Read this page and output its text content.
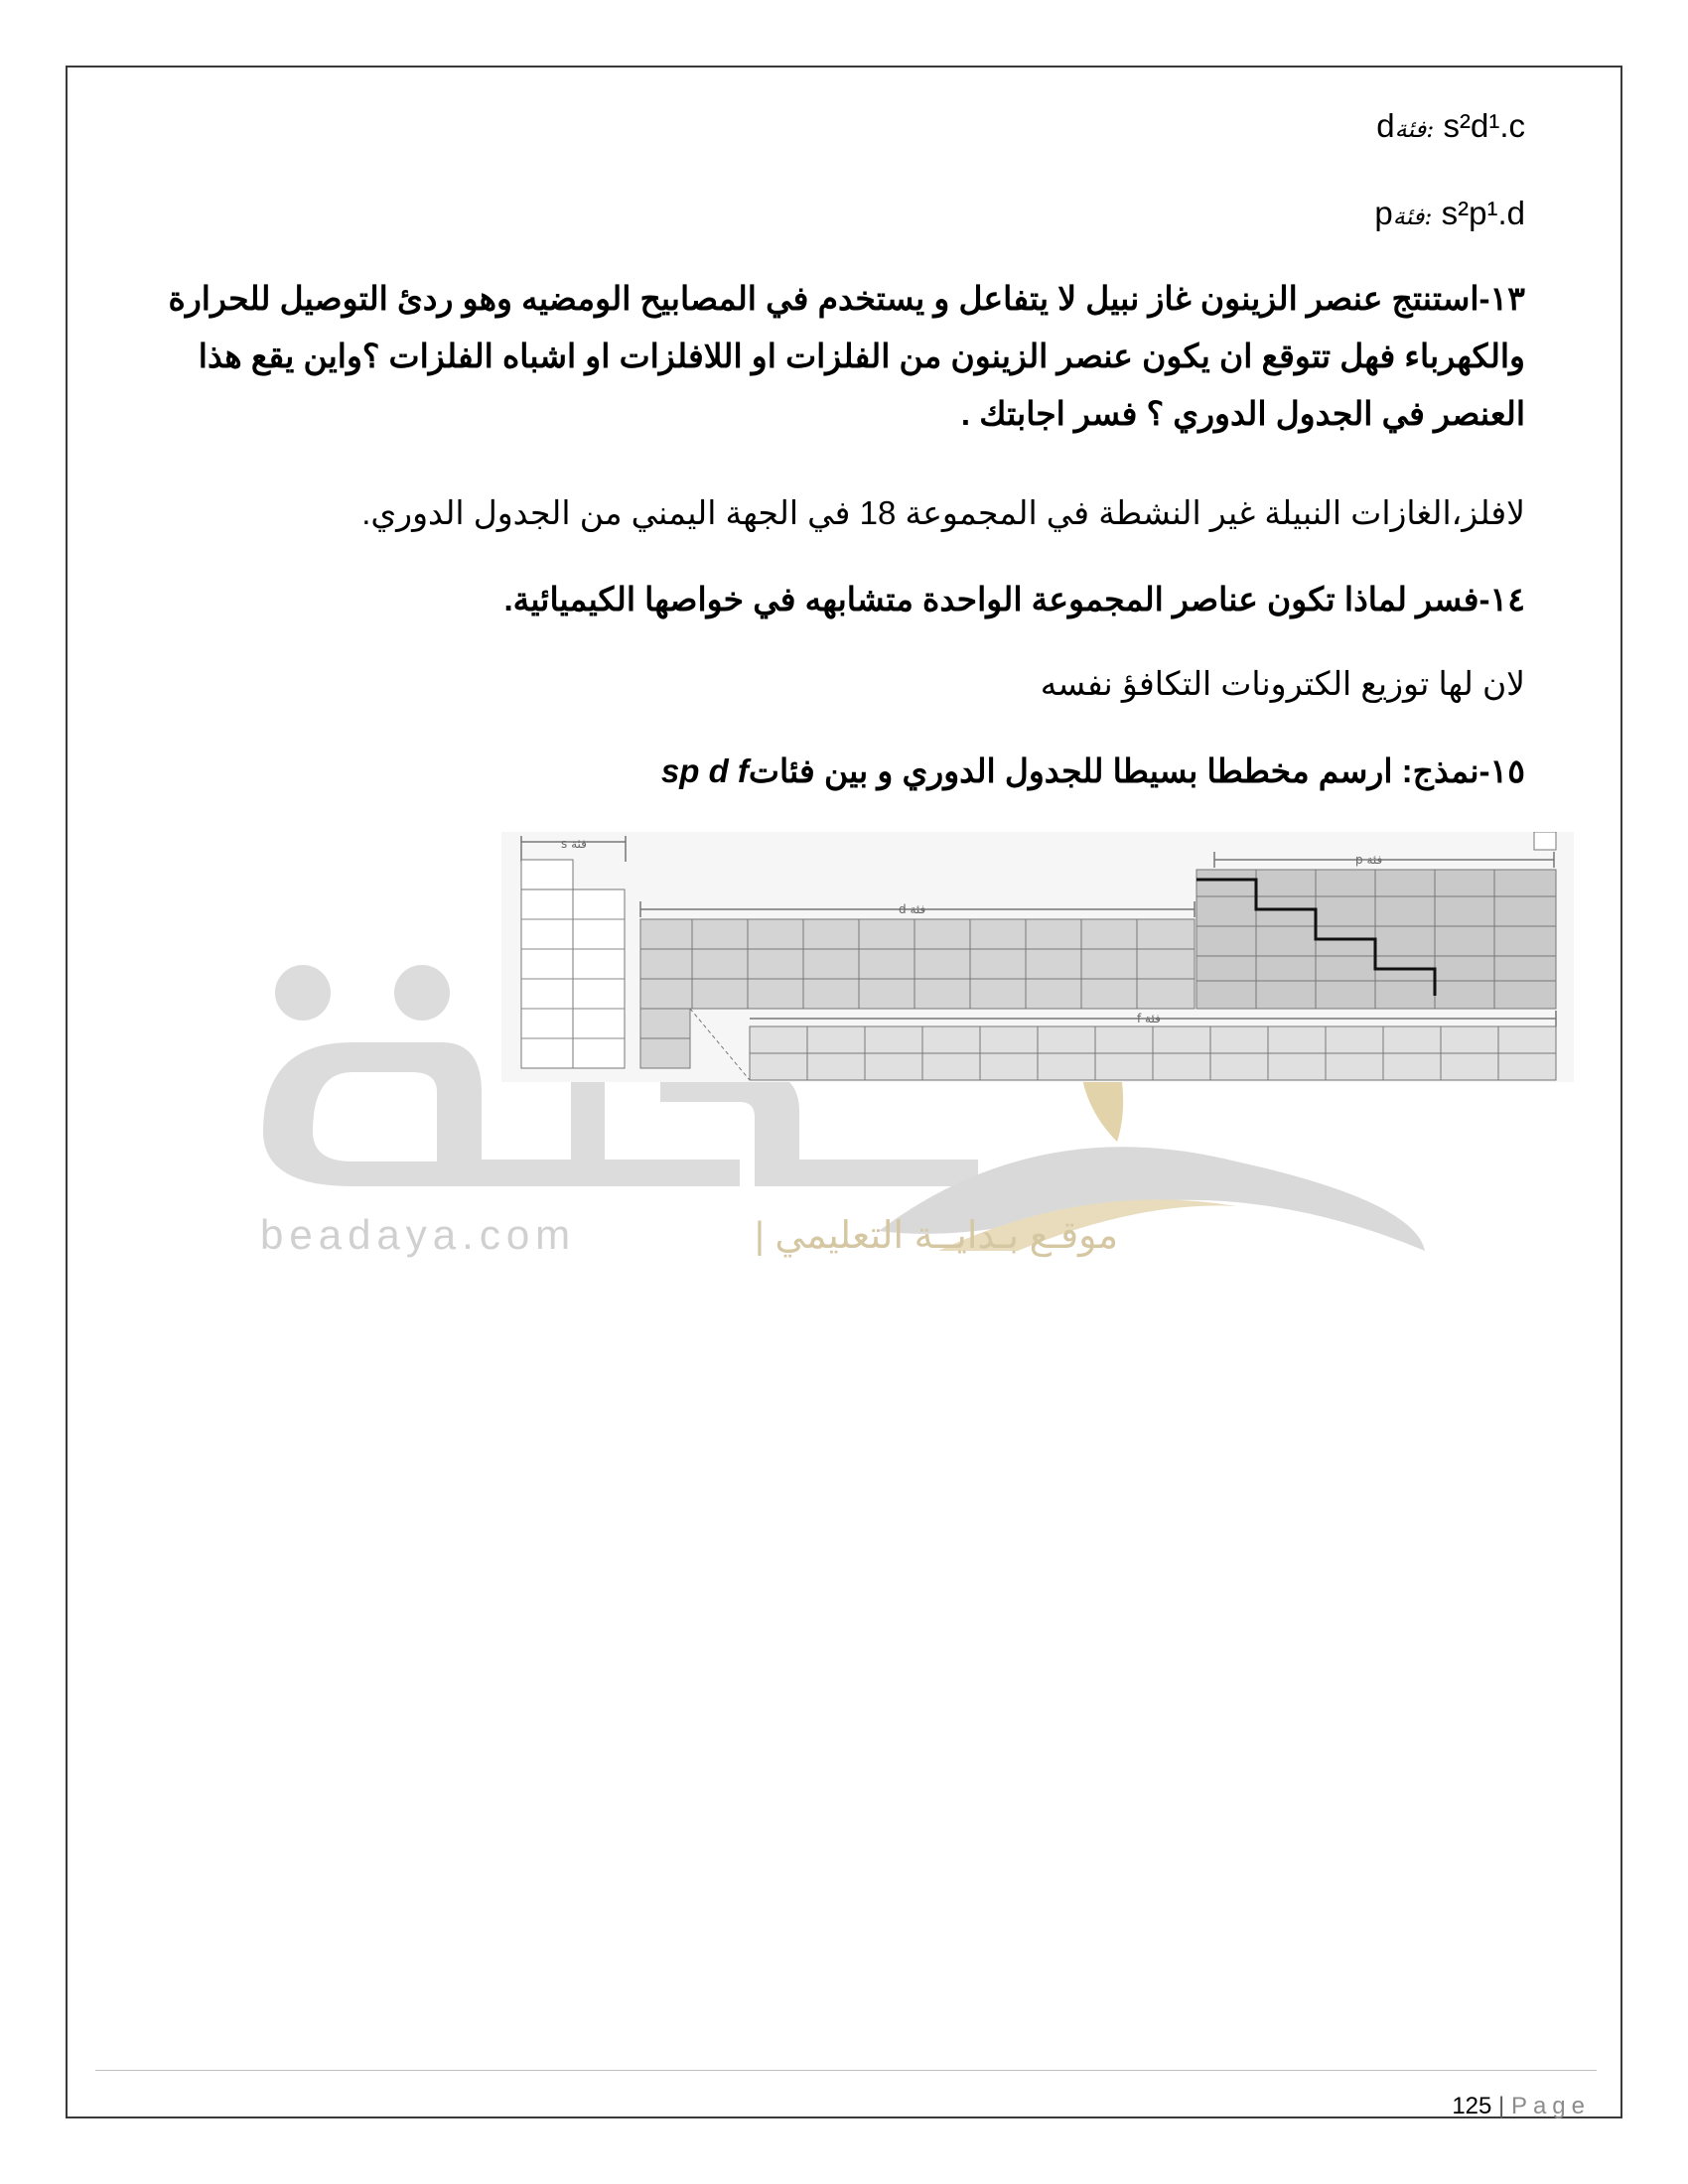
dفئة: s²d¹.c
pفئة: s²p¹.d
١٣-استنتج عنصر الزينون غاز نبيل لا يتفاعل و يستخدم في المصابيح الومضيه وهو ردئ التوصيل للحرارة والكهرباء فهل تتوقع ان يكون عنصر الزينون من الفلزات او اللافلزات او اشباه الفلزات ؟واين يقع هذا العنصر في الجدول الدوري ؟ فسر اجابتك .
لافلز،الغازات النبيلة غير النشطة في المجموعة 18 في الجهة اليمني من الجدول الدوري.
١٤-فسر لماذا تكون عناصر المجموعة الواحدة متشابهه في خواصها الكيميائية.
لان لها توزيع الكترونات التكافؤ نفسه
١٥-نمذج: ارسم مخططا بسيطا للجدول الدوري و بين فئاتsp d f
beadaya.com	موقـع بـدايــة التعليمي |
s فئة
d فئة
p فئة
f فئة
125 | Page
